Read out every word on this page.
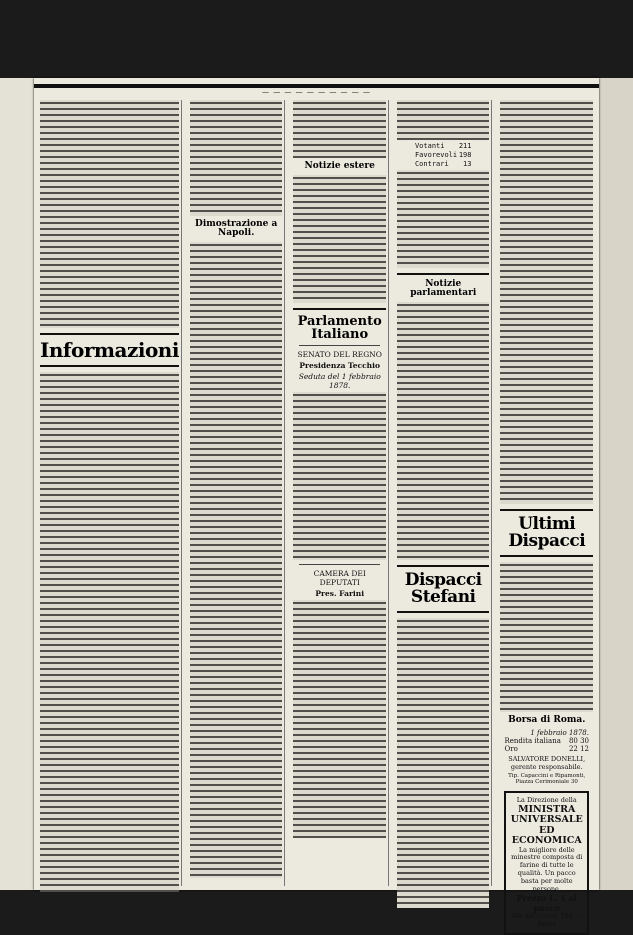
— — — — — — — — — —
Informazioni
Dimostrazione a Napoli.
Notizie estere
Parlamento Italiano
SENATO DEL REGNO
Presidenza Tecchio
Seduta del 1 febbraio 1878.
CAMERA DEI DEPUTATI
Pres. Farini
Votanti 211
Favorevoli 198
Contrari 13
Notizie parlamentari
Dispacci Stefani
Ultimi Dispacci
Borsa di Roma.
1 febbraio 1878.
Rendita italiana 80 30
Oro	22 12
SALVATORE DONELLI, gerente responsabile.
Tip. Capaccini e Ripamonti, Piazza Cerimoniale 30
La Direzione della
MINISTRA UNIVERSALE ED ECONOMICA
La migliore delle minestre composta di farine di tutte le qualità. Un pacco basta per molte persone.
Prezzo L. 1 al pacco
Via del Corso, 100 — Roma
